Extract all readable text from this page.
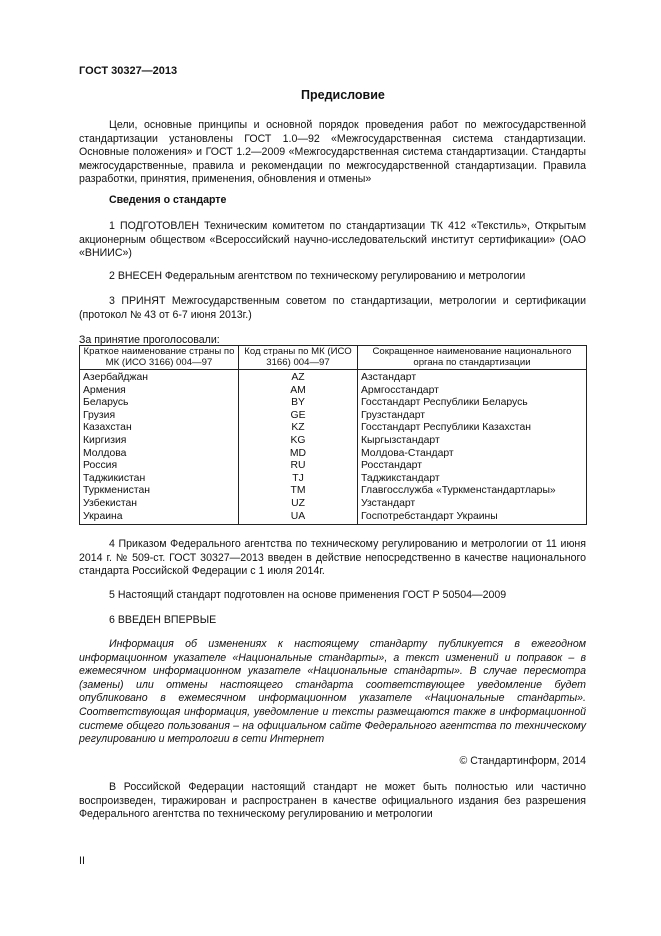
ГОСТ 30327—2013
Предисловие
Цели, основные принципы и основной порядок проведения работ по межгосударственной стандартизации установлены ГОСТ 1.0—92 «Межгосударственная система стандартизации. Основные положения» и ГОСТ 1.2—2009 «Межгосударственная система стандартизации. Стандарты межгосударственные, правила и рекомендации по межгосударственной стандартизации. Правила разработки, принятия, применения, обновления и отмены»
Сведения о стандарте
1 ПОДГОТОВЛЕН Техническим комитетом по стандартизации ТК 412 «Текстиль», Открытым акционерным обществом «Всероссийский научно-исследовательский институт сертификации» (ОАО «ВНИИС»)
2 ВНЕСЕН Федеральным агентством по техническому регулированию и метрологии
3 ПРИНЯТ Межгосударственным советом по стандартизации, метрологии и сертификации (протокол № 43 от 6-7 июня 2013г.)
За принятие проголосовали:
Краткое наименование страны по МК (ИСО 3166) 004—97	Код страны по МК (ИСО 3166) 004—97	Сокращенное наименование национального органа по стандартизации
Азербайджан	AZ	Азстандарт
Армения	AM	Армгосстандарт
Беларусь	BY	Госстандарт Республики Беларусь
Грузия	GE	Грузстандарт
Казахстан	KZ	Госстандарт Республики Казахстан
Киргизия	KG	Кыргызстандарт
Молдова	MD	Молдова-Стандарт
Россия	RU	Росстандарт
Таджикистан	TJ	Таджикстандарт
Туркменистан	TM	Главгосслужба «Туркменстандартлары»
Узбекистан	UZ	Узстандарт
Украина	UA	Госпотребстандарт Украины
4 Приказом Федерального агентства по техническому регулированию и метрологии от 11 июня 2014 г. № 509-ст. ГОСТ 30327—2013 введен в действие непосредственно в качестве национального стандарта Российской Федерации с 1 июля 2014г.
5 Настоящий стандарт подготовлен на основе применения ГОСТ Р 50504—2009
6 ВВЕДЕН ВПЕРВЫЕ
Информация об изменениях к настоящему стандарту публикуется в ежегодном информационном указателе «Национальные стандарты», а текст изменений и поправок – в ежемесячном информационном указателе «Национальные стандарты». В случае пересмотра (замены) или отмены настоящего стандарта соответствующее уведомление будет опубликовано в ежемесячном информационном указателе «Национальные стандарты». Соответствующая информация, уведомление и тексты размещаются также в информационной системе общего пользования – на официальном сайте Федерального агентства по техническому регулированию и метрологии в сети Интернет
© Стандартинформ, 2014
В Российской Федерации настоящий стандарт не может быть полностью или частично воспроизведен, тиражирован и распространен в качестве официального издания без разрешения Федерального агентства по техническому регулированию и метрологии
II
